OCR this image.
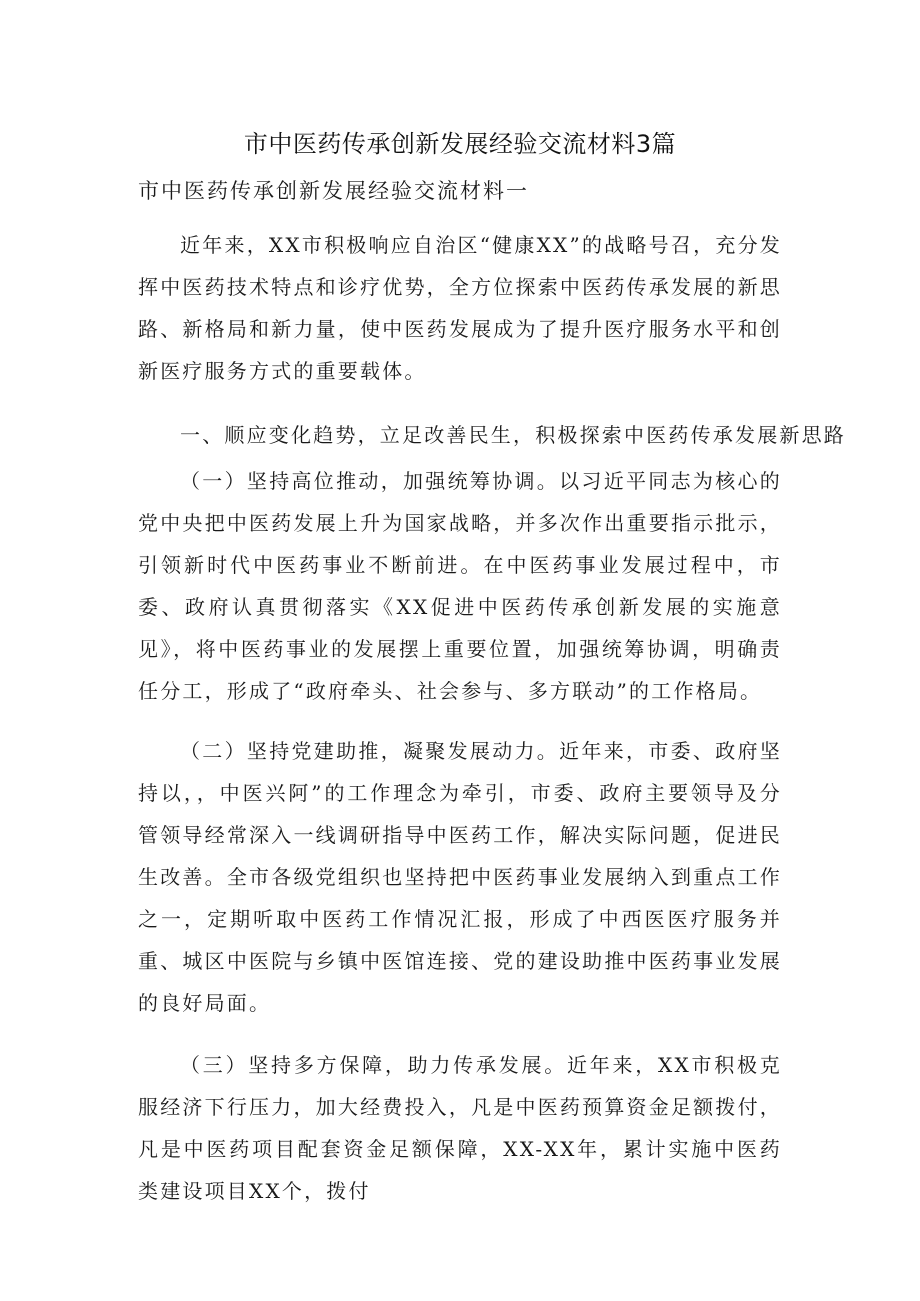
市中医药传承创新发展经验交流材料3篇

市中医药传承创新发展经验交流材料一

近年来，XX市积极响应自治区“健康XX”的战略号召，充分发挥中医药技术特点和诊疗优势，全方位探索中医药传承发展的新思路、新格局和新力量，使中医药发展成为了提升医疗服务水平和创新医疗服务方式的重要载体。

一、顺应变化趋势，立足改善民生，积极探索中医药传承发展新思路

（一）坚持高位推动，加强统筹协调。以习近平同志为核心的党中央把中医药发展上升为国家战略，并多次作出重要指示批示，引领新时代中医药事业不断前进。在中医药事业发展过程中，市委、政府认真贯彻落实《XX促进中医药传承创新发展的实施意见》，将中医药事业的发展摆上重要位置，加强统筹协调，明确责任分工，形成了“政府牵头、社会参与、多方联动”的工作格局。

（二）坚持党建助推，凝聚发展动力。近年来，市委、政府坚持以，，中医兴阿”的工作理念为牵引，市委、政府主要领导及分管领导经常深入一线调研指导中医药工作，解决实际问题，促进民生改善。全市各级党组织也坚持把中医药事业发展纳入到重点工作之一，定期听取中医药工作情况汇报，形成了中西医医疗服务并重、城区中医院与乡镇中医馆连接、党的建设助推中医药事业发展的良好局面。

（三）坚持多方保障，助力传承发展。近年来，XX市积极克服经济下行压力，加大经费投入，凡是中医药预算资金足额拨付，凡是中医药项目配套资金足额保障，XX-XX年，累计实施中医药类建设项目XX个，拨付
